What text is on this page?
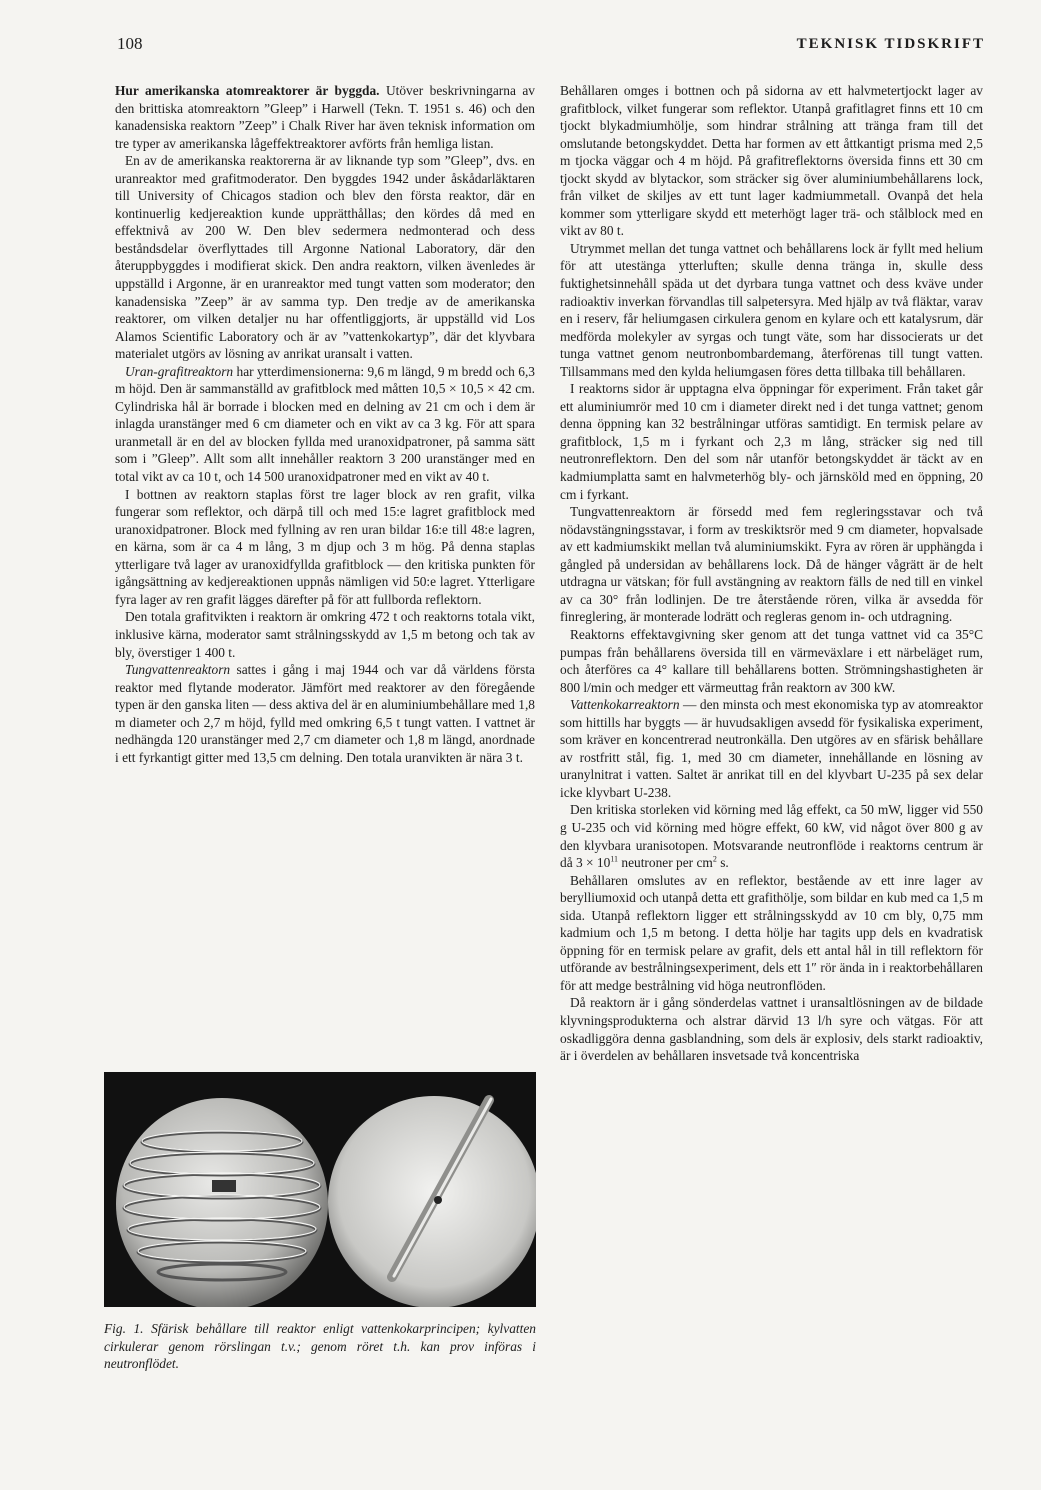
108	TEKNISK TIDSKRIFT

Hur amerikanska atomreaktorer är byggda. Utöver beskrivningarna av den brittiska atomreaktorn ”Gleep” i Harwell (Tekn. T. 1951 s. 46) och den kanadensiska reaktorn ”Zeep” i Chalk River har även teknisk information om tre typer av amerikanska lågeffektreaktorer avförts från hemliga listan.

En av de amerikanska reaktorerna är av liknande typ som ”Gleep”, dvs. en uranreaktor med grafitmoderator. Den byggdes 1942 under åskådarläktaren till University of Chicagos stadion och blev den första reaktor, där en kontinuerlig kedjereaktion kunde upprätthållas; den kördes då med en effektnivå av 200 W. Den blev sedermera nedmonterad och dess beståndsdelar överflyttades till Argonne National Laboratory, där den återuppbyggdes i modifierat skick. Den andra reaktorn, vilken ävenledes är uppställd i Argonne, är en uranreaktor med tungt vatten som moderator; den kanadensiska ”Zeep” är av samma typ. Den tredje av de amerikanska reaktorer, om vilken detaljer nu har offentliggjorts, är uppställd vid Los Alamos Scientific Laboratory och är av ”vattenkokartyp”, där det klyvbara materialet utgörs av lösning av anrikat uransalt i vatten.

Uran-grafitreaktorn har ytterdimensionerna: 9,6 m längd, 9 m bredd och 6,3 m höjd. Den är sammanställd av grafitblock med måtten 10,5 × 10,5 × 42 cm. Cylindriska hål är borrade i blocken med en delning av 21 cm och i dem är inlagda uranstänger med 6 cm diameter och en vikt av ca 3 kg. För att spara uranmetall är en del av blocken fyllda med uranoxidpatroner, på samma sätt som i ”Gleep”. Allt som allt innehåller reaktorn 3 200 uranstänger med en total vikt av ca 10 t, och 14 500 uranoxidpatroner med en vikt av 40 t.

I bottnen av reaktorn staplas först tre lager block av ren grafit, vilka fungerar som reflektor, och därpå till och med 15:e lagret grafitblock med uranoxidpatroner. Block med fyllning av ren uran bildar 16:e till 48:e lagren, en kärna, som är ca 4 m lång, 3 m djup och 3 m hög. På denna staplas ytterligare två lager av uranoxidfyllda grafitblock — den kritiska punkten för igångsättning av kedjereaktionen uppnås nämligen vid 50:e lagret. Ytterligare fyra lager av ren grafit lägges därefter på för att fullborda reflektorn.

Den totala grafitvikten i reaktorn är omkring 472 t och reaktorns totala vikt, inklusive kärna, moderator samt strålningsskydd av 1,5 m betong och tak av bly, överstiger 1 400 t.

Tungvattenreaktorn sattes i gång i maj 1944 och var då världens första reaktor med flytande moderator. Jämfört med reaktorer av den föregående typen är den ganska liten — dess aktiva del är en aluminiumbehållare med 1,8 m diameter och 2,7 m höjd, fylld med omkring 6,5 t tungt vatten. I vattnet är nedhängda 120 uranstänger med 2,7 cm diameter och 1,8 m längd, anordnade i ett fyrkantigt gitter med 13,5 cm delning. Den totala uranvikten är nära 3 t.

Fig. 1. Sfärisk behållare till reaktor enligt vattenkokarprincipen; kylvatten cirkulerar genom rörslingan t.v.; genom röret t.h. kan prov införas i neutronflödet.

Behållaren omges i bottnen och på sidorna av ett halvmetertjockt lager av grafitblock, vilket fungerar som reflektor. Utanpå grafitlagret finns ett 10 cm tjockt blykadmiumhölje, som hindrar strålning att tränga fram till det omslutande betongskyddet. Detta har formen av ett åttkantigt prisma med 2,5 m tjocka väggar och 4 m höjd. På grafitreflektorns översida finns ett 30 cm tjockt skydd av blytackor, som sträcker sig över aluminiumbehållarens lock, från vilket de skiljes av ett tunt lager kadmiummetall. Ovanpå det hela kommer som ytterligare skydd ett meterhögt lager trä- och stålblock med en vikt av 80 t.

Utrymmet mellan det tunga vattnet och behållarens lock är fyllt med helium för att utestänga ytterluften; skulle denna tränga in, skulle dess fuktighetsinnehåll späda ut det dyrbara tunga vattnet och dess kväve under radioaktiv inverkan förvandlas till salpetersyra. Med hjälp av två fläktar, varav en i reserv, får heliumgasen cirkulera genom en kylare och ett katalysrum, där medförda molekyler av syrgas och tungt väte, som har dissocierats ur det tunga vattnet genom neutronbombardemang, återförenas till tungt vatten. Tillsammans med den kylda heliumgasen föres detta tillbaka till behållaren.

I reaktorns sidor är upptagna elva öppningar för experiment. Från taket går ett aluminiumrör med 10 cm i diameter direkt ned i det tunga vattnet; genom denna öppning kan 32 bestrålningar utföras samtidigt. En termisk pelare av grafitblock, 1,5 m i fyrkant och 2,3 m lång, sträcker sig ned till neutronreflektorn. Den del som når utanför betongskyddet är täckt av en kadmiumplatta samt en halvmeterhög bly- och järnsköld med en öppning, 20 cm i fyrkant.

Tungvattenreaktorn är försedd med fem regleringsstavar och två nödavstängningsstavar, i form av treskiktsrör med 9 cm diameter, hopvalsade av ett kadmiumskikt mellan två aluminiumskikt. Fyra av rören är upphängda i gångled på undersidan av behållarens lock. Då de hänger vågrätt är de helt utdragna ur vätskan; för full avstängning av reaktorn fälls de ned till en vinkel av ca 30° från lodlinjen. De tre återstående rören, vilka är avsedda för finreglering, är monterade lodrätt och regleras genom in- och utdragning.

Reaktorns effektavgivning sker genom att det tunga vattnet vid ca 35°C pumpas från behållarens översida till en värmeväxlare i ett närbeläget rum, och återföres ca 4° kallare till behållarens botten. Strömningshastigheten är 800 l/min och medger ett värmeuttag från reaktorn av 300 kW.

Vattenkokarreaktorn — den minsta och mest ekonomiska typ av atomreaktor som hittills har byggts — är huvudsakligen avsedd för fysikaliska experiment, som kräver en koncentrerad neutronkälla. Den utgöres av en sfärisk behållare av rostfritt stål, fig. 1, med 30 cm diameter, innehållande en lösning av uranylnitrat i vatten. Saltet är anrikat till en del klyvbart U-235 på sex delar icke klyvbart U-238.

Den kritiska storleken vid körning med låg effekt, ca 50 mW, ligger vid 550 g U-235 och vid körning med högre effekt, 60 kW, vid något över 800 g av den klyvbara uranisotopen. Motsvarande neutronflöde i reaktorns centrum är då $3 \times 10^{11}$ neutroner per $cm^2$ s.

Behållaren omslutes av en reflektor, bestående av ett inre lager av berylliumoxid och utanpå detta ett grafithölje, som bildar en kub med ca 1,5 m sida. Utanpå reflektorn ligger ett strålningsskydd av 10 cm bly, 0,75 mm kadmium och 1,5 m betong. I detta hölje har tagits upp dels en kvadratisk öppning för en termisk pelare av grafit, dels ett antal hål in till reflektorn för utförande av bestrålningsexperiment, dels ett 1″ rör ända in i reaktorbehållaren för att medge bestrålning vid höga neutronflöden.

Då reaktorn är i gång sönderdelas vattnet i uransaltlösningen av de bildade klyvningsprodukterna och alstrar därvid 13 l/h syre och vätgas. För att oskadliggöra denna gasblandning, som dels är explosiv, dels starkt radioaktiv, är i överdelen av behållaren insvetsade två koncentriska
